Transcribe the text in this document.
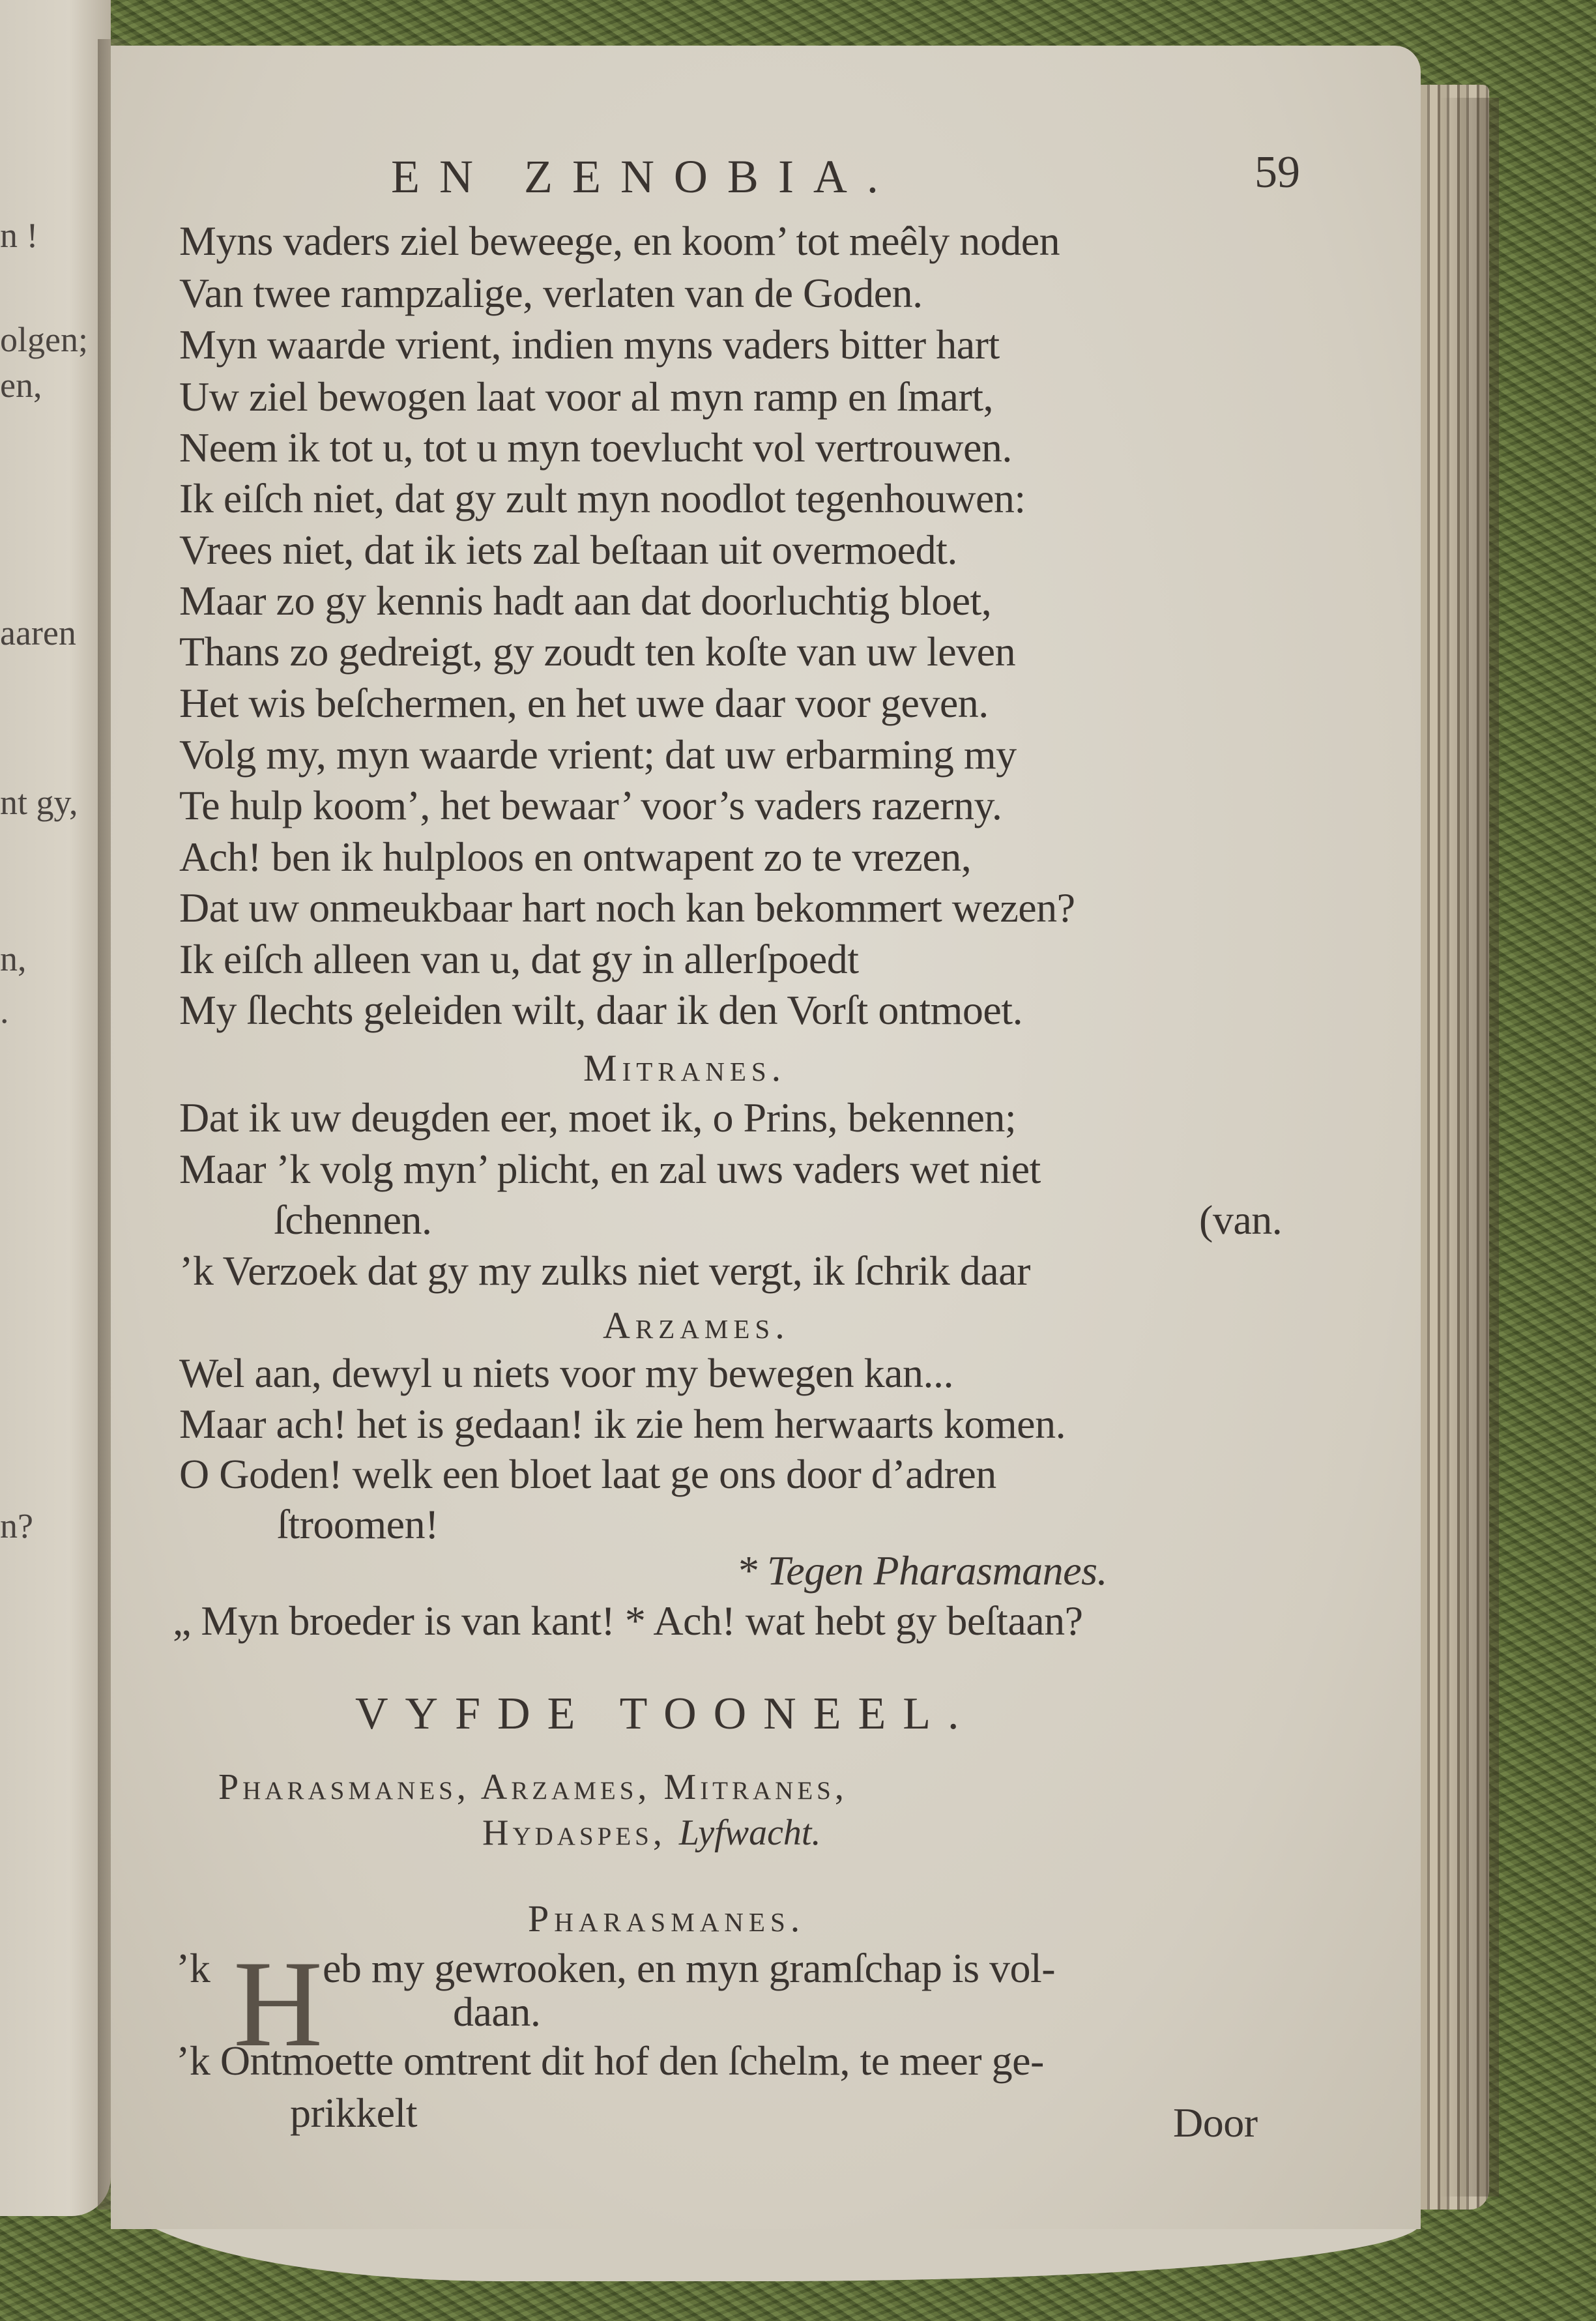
n !
olgen;
en,
aaren
nt gy,
n,
.
n?
EN ZENOBIA.	59
Myns vaders ziel beweege, en koom’ tot meêly noden
Van twee rampzalige, verlaten van de Goden.
Myn waarde vrient, indien myns vaders bitter hart
Uw ziel bewogen laat voor al myn ramp en ſmart,
Neem ik tot u, tot u myn toevlucht vol vertrouwen.
Ik eiſch niet, dat gy zult myn noodlot tegenhouwen:
Vrees niet, dat ik iets zal beſtaan uit overmoedt.
Maar zo gy kennis hadt aan dat doorluchtig bloet,
Thans zo gedreigt, gy zoudt ten koſte van uw leven
Het wis beſchermen, en het uwe daar voor geven.
Volg my, myn waarde vrient; dat uw erbarming my
Te hulp koom’, het bewaar’ voor’s vaders razerny.
Ach! ben ik hulploos en ontwapent zo te vrezen,
Dat uw onmeukbaar hart noch kan bekommert wezen?
Ik eiſch alleen van u, dat gy in allerſpoedt
My ſlechts geleiden wilt, daar ik den Vorſt ontmoet.
Mitranes.
Dat ik uw deugden eer, moet ik, o Prins, bekennen;
Maar ’k volg myn’ plicht, en zal uws vaders wet niet
ſchennen.	(van.
’k Verzoek dat gy my zulks niet vergt, ik ſchrik daar
Arzames.
Wel aan, dewyl u niets voor my bewegen kan...
Maar ach! het is gedaan! ik zie hem herwaarts komen.
O Goden! welk een bloet laat ge ons door d’adren
ſtroomen!
* Tegen Pharasmanes.
„ Myn broeder is van kant! * Ach! wat hebt gy beſtaan?
VYFDE TOONEEL.
Pharasmanes, Arzames, Mitranes,
Hydaspes, Lyfwacht.
Pharasmanes.
’k H eb my gewrooken, en myn gramſchap is vol-
daan.
’k Ontmoette omtrent dit hof den ſchelm, te meer ge-
prikkelt	Door
